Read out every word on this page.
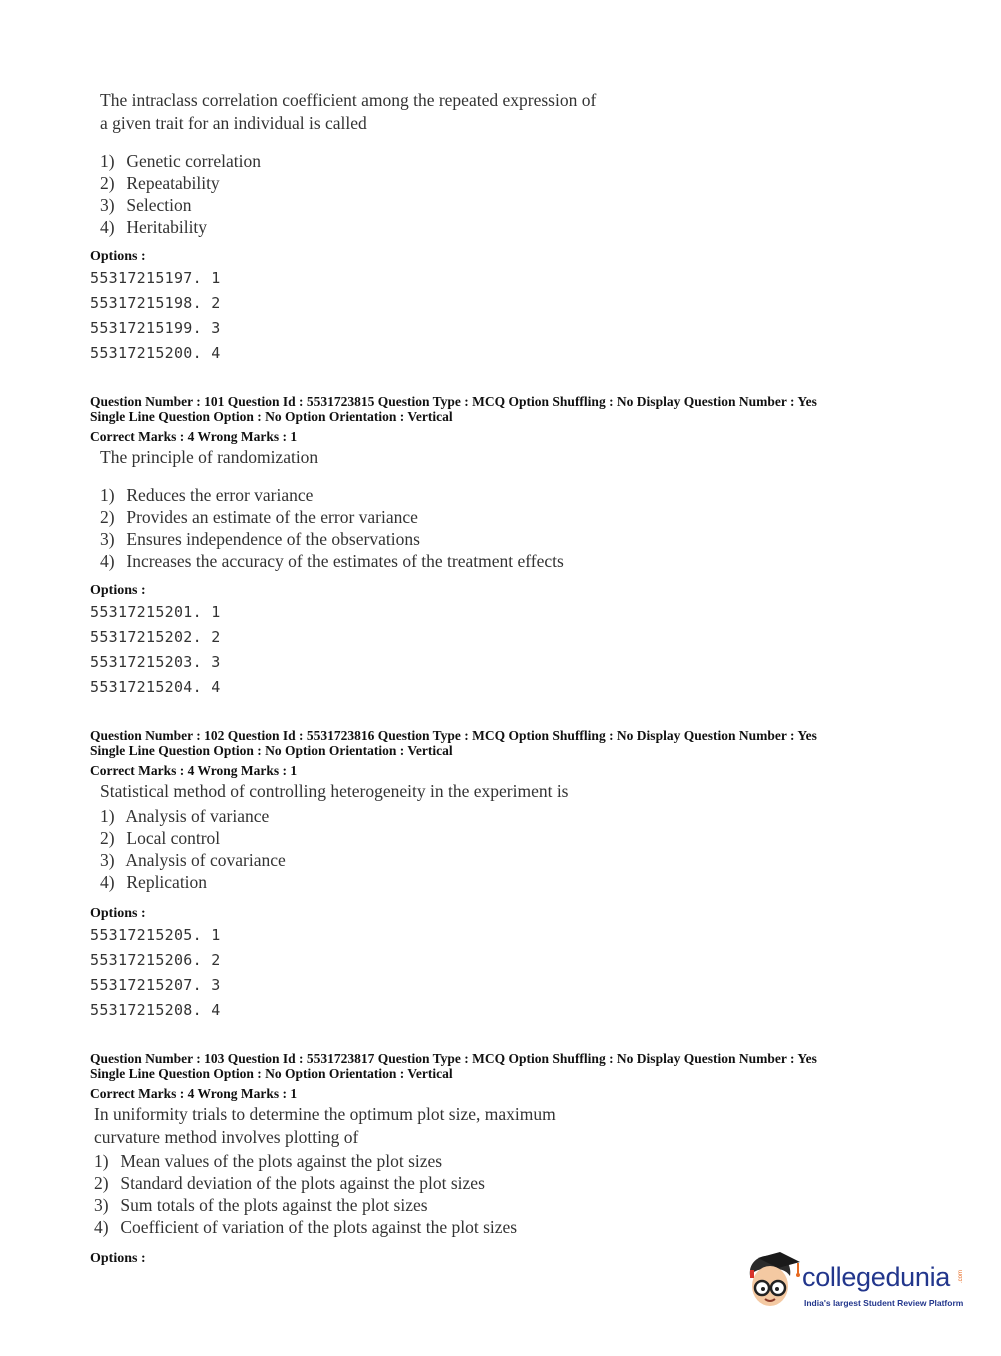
The intraclass correlation coefficient among the repeated expression of
a given trait for an individual is called
1) Genetic correlation
2) Repeatability
3) Selection
4) Heritability
Options :
55317215197. 1
55317215198. 2
55317215199. 3
55317215200. 4
Question Number : 101 Question Id : 5531723815 Question Type : MCQ Option Shuffling : No Display Question Number : Yes
Single Line Question Option : No Option Orientation : Vertical
Correct Marks : 4 Wrong Marks : 1
The principle of randomization
1) Reduces the error variance
2) Provides an estimate of the error variance
3) Ensures independence of the observations
4) Increases the accuracy of the estimates of the treatment effects
Options :
55317215201. 1
55317215202. 2
55317215203. 3
55317215204. 4
Question Number : 102 Question Id : 5531723816 Question Type : MCQ Option Shuffling : No Display Question Number : Yes
Single Line Question Option : No Option Orientation : Vertical
Correct Marks : 4 Wrong Marks : 1
Statistical method of controlling heterogeneity in the experiment is
1) Analysis of variance
2) Local control
3) Analysis of covariance
4) Replication
Options :
55317215205. 1
55317215206. 2
55317215207. 3
55317215208. 4
Question Number : 103 Question Id : 5531723817 Question Type : MCQ Option Shuffling : No Display Question Number : Yes
Single Line Question Option : No Option Orientation : Vertical
Correct Marks : 4 Wrong Marks : 1
In uniformity trials to determine the optimum plot size, maximum
curvature method involves plotting of
1) Mean values of the plots against the plot sizes
2) Standard deviation of the plots against the plot sizes
3) Sum totals of the plots against the plot sizes
4) Coefficient of variation of the plots against the plot sizes
Options :
collegedunia .com
India's largest Student Review Platform
